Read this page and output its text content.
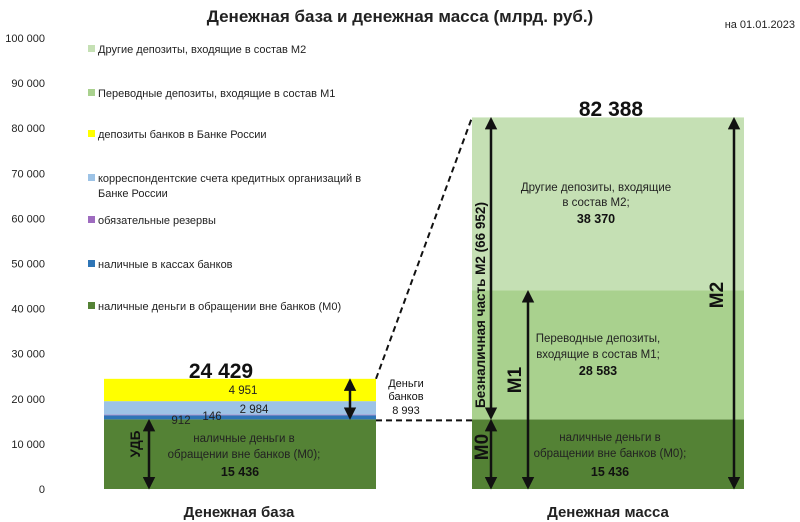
Денежная база и денежная масса (млрд. руб.)	на 01.01.2023
0
10 000
20 000
30 000
40 000
50 000
60 000
70 000
80 000
90 000
100 000
Другие депозиты, входящие в состав М2
Переводные депозиты, входящие в состав М1
депозиты банков в Банке России
корреспондентские счета кредитных организаций в
Банке России
обязательные резервы
наличные в кассах банков
наличные деньги в обращении вне банков (М0)
24 429
82 388
4 951
2 984
146
912
наличные деньги в
обращении вне банков (М0);
15 436
Другие депозиты, входящие
в состав М2;
38 370
Переводные депозиты,
входящие в состав М1;
28 583
наличные деньги в
обращении вне банков (М0);
15 436
Деньги
банков
8 993
УДБ	М0
Безналичная часть М2 (66 952) М1
М2
Денежная база	Денежная масса
